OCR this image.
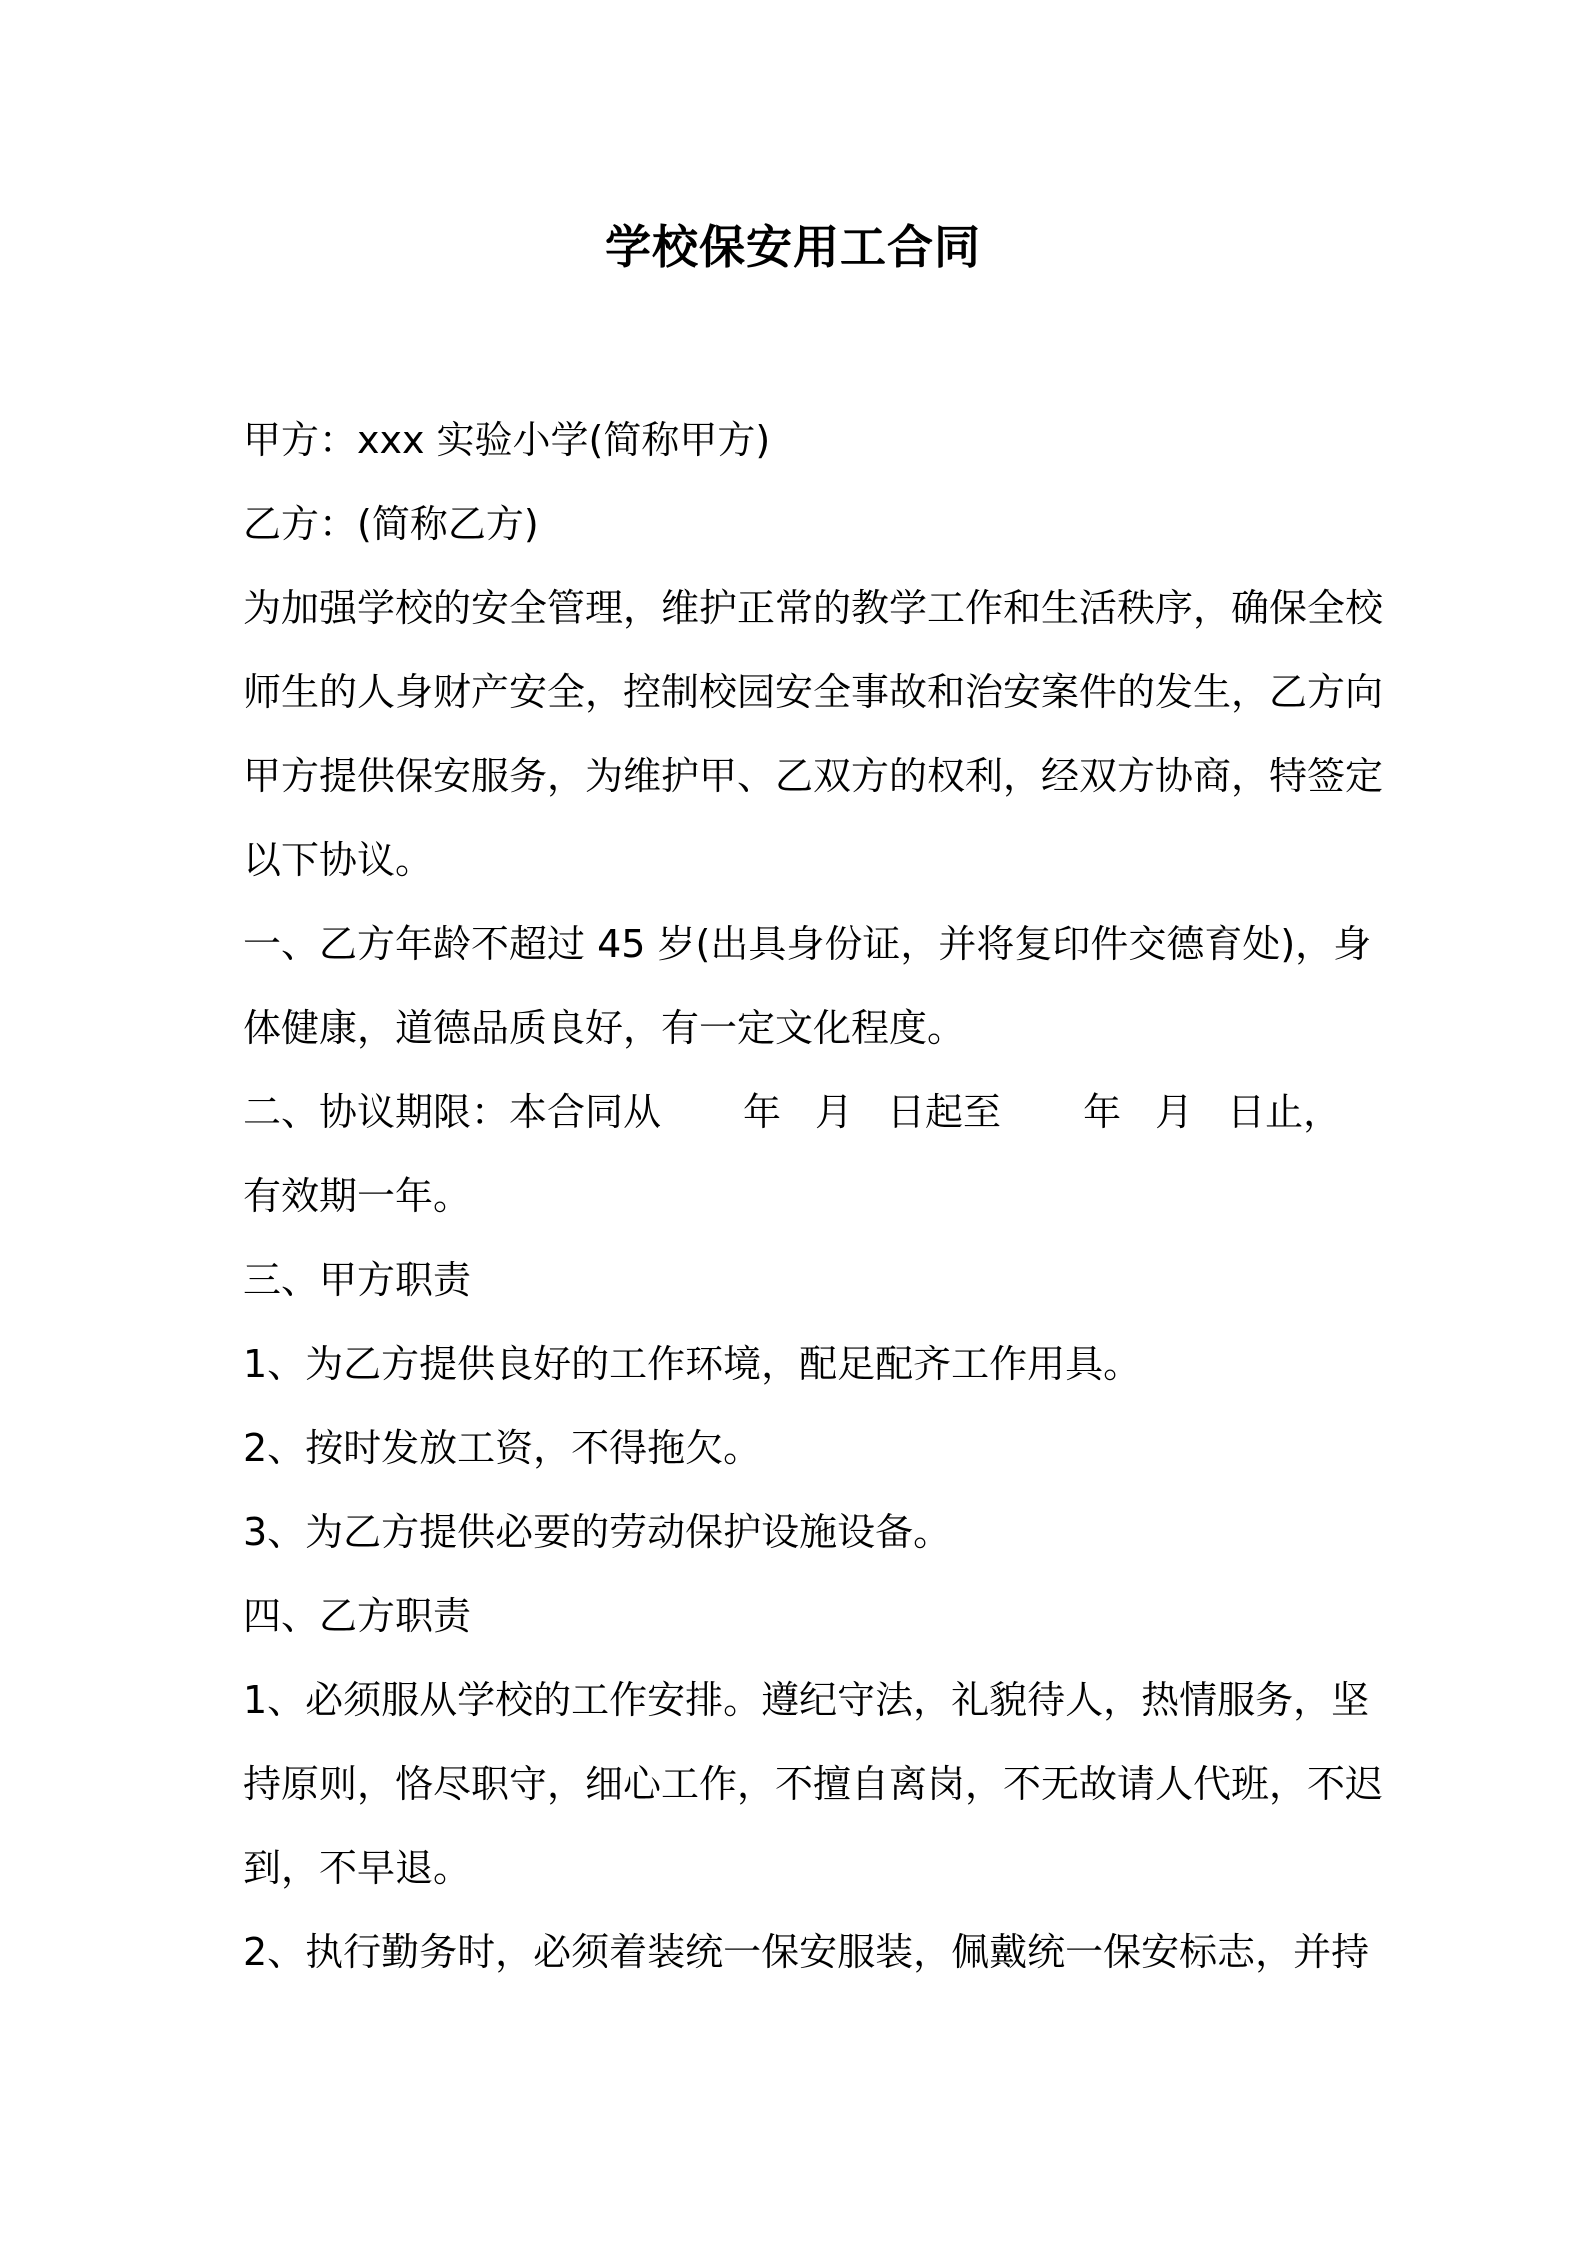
学校保安用工合同
甲方：xxx 实验小学(简称甲方)
乙方：(简称乙方)
为加强学校的安全管理，维护正常的教学工作和生活秩序，确保全校
师生的人身财产安全，控制校园安全事故和治安案件的发生，乙方向
甲方提供保安服务，为维护甲、乙双方的权利，经双方协商，特签定
以下协议。
一、乙方年龄不超过 45 岁(出具身份证，并将复印件交德育处)，身
体健康，道德品质良好，有一定文化程度。
二、协议期限：本合同从 年 月 日起至 年 月 日止，
有效期一年。
三、甲方职责
1、为乙方提供良好的工作环境，配足配齐工作用具。
2、按时发放工资，不得拖欠。
3、为乙方提供必要的劳动保护设施设备。
四、乙方职责
1、必须服从学校的工作安排。遵纪守法，礼貌待人，热情服务，坚
持原则，恪尽职守，细心工作，不擅自离岗，不无故请人代班，不迟
到，不早退。
2、执行勤务时，必须着装统一保安服装，佩戴统一保安标志，并持
